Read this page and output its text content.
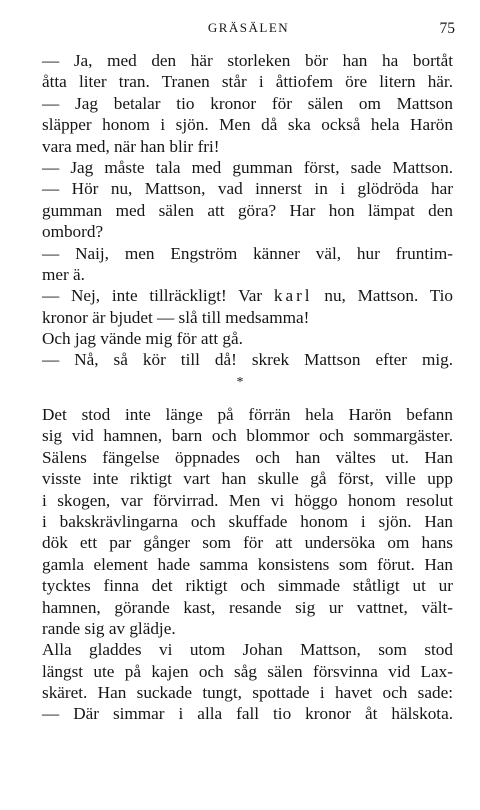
GRÄSÄLEN	75
— Ja, med den här storleken bör han ha bortåt
åtta liter tran. Tranen står i åttiofem öre litern här.
— Jag betalar tio kronor för sälen om Mattson
släpper honom i sjön. Men då ska också hela Harön
vara med, när han blir fri!
— Jag måste tala med gumman först, sade Mattson.
— Hör nu, Mattson, vad innerst in i glödröda har
gumman med sälen att göra? Har hon lämpat den
ombord?
— Naij, men Engström känner väl, hur fruntim-
mer ä.
— Nej, inte tillräckligt! Var karl nu, Mattson. Tio
kronor är bjudet — slå till medsamma!
Och jag vände mig för att gå.
— Nå, så kör till då! skrek Mattson efter mig.
*
Det stod inte länge på förrän hela Harön befann
sig vid hamnen, barn och blommor och sommargäster.
Sälens fängelse öppnades och han vältes ut. Han
visste inte riktigt vart han skulle gå först, ville upp
i skogen, var förvirrad. Men vi höggo honom resolut
i bakskrävlingarna och skuffade honom i sjön. Han
dök ett par gånger som för att undersöka om hans
gamla element hade samma konsistens som förut. Han
tycktes finna det riktigt och simmade ståtligt ut ur
hamnen, görande kast, resande sig ur vattnet, vält-
rande sig av glädje.
Alla gladdes vi utom Johan Mattson, som stod
längst ute på kajen och såg sälen försvinna vid Lax-
skäret. Han suckade tungt, spottade i havet och sade:
— Där simmar i alla fall tio kronor åt hälskota.
